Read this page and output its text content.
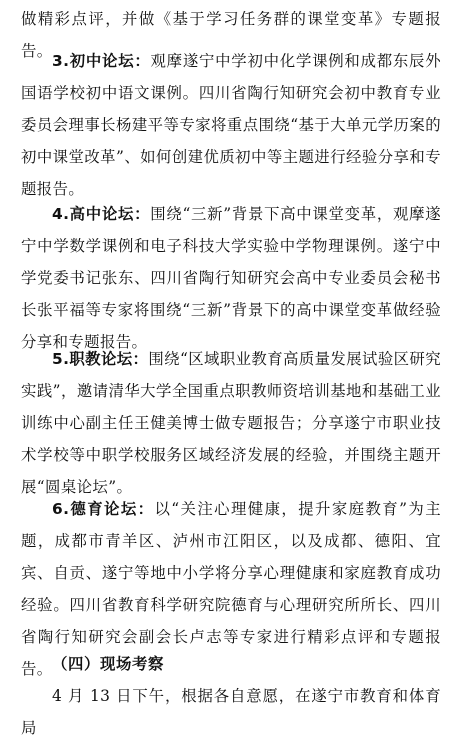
做精彩点评，并做《基于学习任务群的课堂变革》专题报告。

3.初中论坛：观摩遂宁中学初中化学课例和成都东辰外国语学校初中语文课例。四川省陶行知研究会初中教育专业委员会理事长杨建平等专家将重点围绕“基于大单元学历案的初中课堂改革”、如何创建优质初中等主题进行经验分享和专题报告。

4.高中论坛：围绕“三新”背景下高中课堂变革，观摩遂宁中学数学课例和电子科技大学实验中学物理课例。遂宁中学党委书记张东、四川省陶行知研究会高中专业委员会秘书长张平福等专家将围绕“三新”背景下的高中课堂变革做经验分享和专题报告。

5.职教论坛：围绕“区域职业教育高质量发展试验区研究实践”，邀请清华大学全国重点职教师资培训基地和基础工业训练中心副主任王健美博士做专题报告；分享遂宁市职业技术学校等中职学校服务区域经济发展的经验，并围绕主题开展“圆桌论坛”。

6.德育论坛：以“关注心理健康，提升家庭教育”为主题，成都市青羊区、泸州市江阳区，以及成都、德阳、宜宾、自贡、遂宁等地中小学将分享心理健康和家庭教育成功经验。四川省教育科学研究院德育与心理研究所所长、四川省陶行知研究会副会长卢志等专家进行精彩点评和专题报告。 （四）现场考察

4 月 13 日下午，根据各自意愿，在遂宁市教育和体育局
